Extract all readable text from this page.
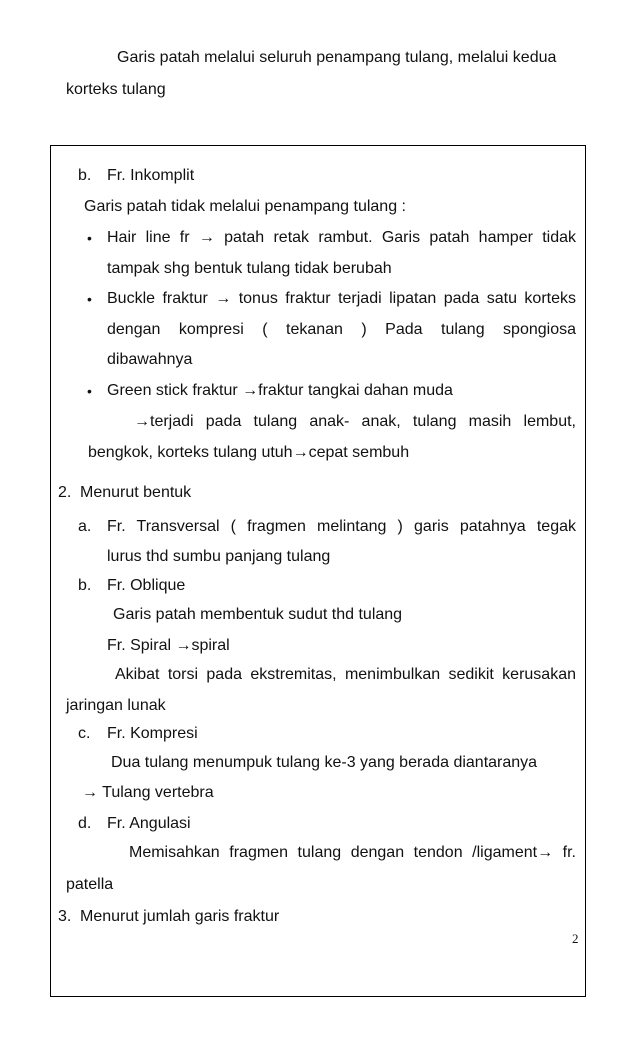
Garis patah melalui seluruh penampang tulang, melalui kedua
korteks tulang
b. Fr. Inkomplit
Garis patah tidak melalui penampang tulang :
• Hair line fr → patah retak rambut. Garis patah hamper tidak
tampak shg bentuk tulang tidak berubah
• Buckle fraktur → tonus fraktur terjadi lipatan pada satu korteks
dengan kompresi ( tekanan ) Pada tulang spongiosa
dibawahnya
• Green stick fraktur →fraktur tangkai dahan muda
→terjadi pada tulang anak- anak, tulang masih lembut,
bengkok, korteks tulang utuh→cepat sembuh
2. Menurut bentuk
a. Fr. Transversal ( fragmen melintang ) garis patahnya tegak
lurus thd sumbu panjang tulang
b. Fr. Oblique
Garis patah membentuk sudut thd tulang
Fr. Spiral →spiral
Akibat torsi pada ekstremitas, menimbulkan sedikit kerusakan
jaringan lunak
c. Fr. Kompresi
Dua tulang menumpuk tulang ke-3 yang berada diantaranya
→ Tulang vertebra
d. Fr. Angulasi
Memisahkan fragmen tulang dengan tendon /ligament→ fr.
patella
3. Menurut jumlah garis fraktur
2
